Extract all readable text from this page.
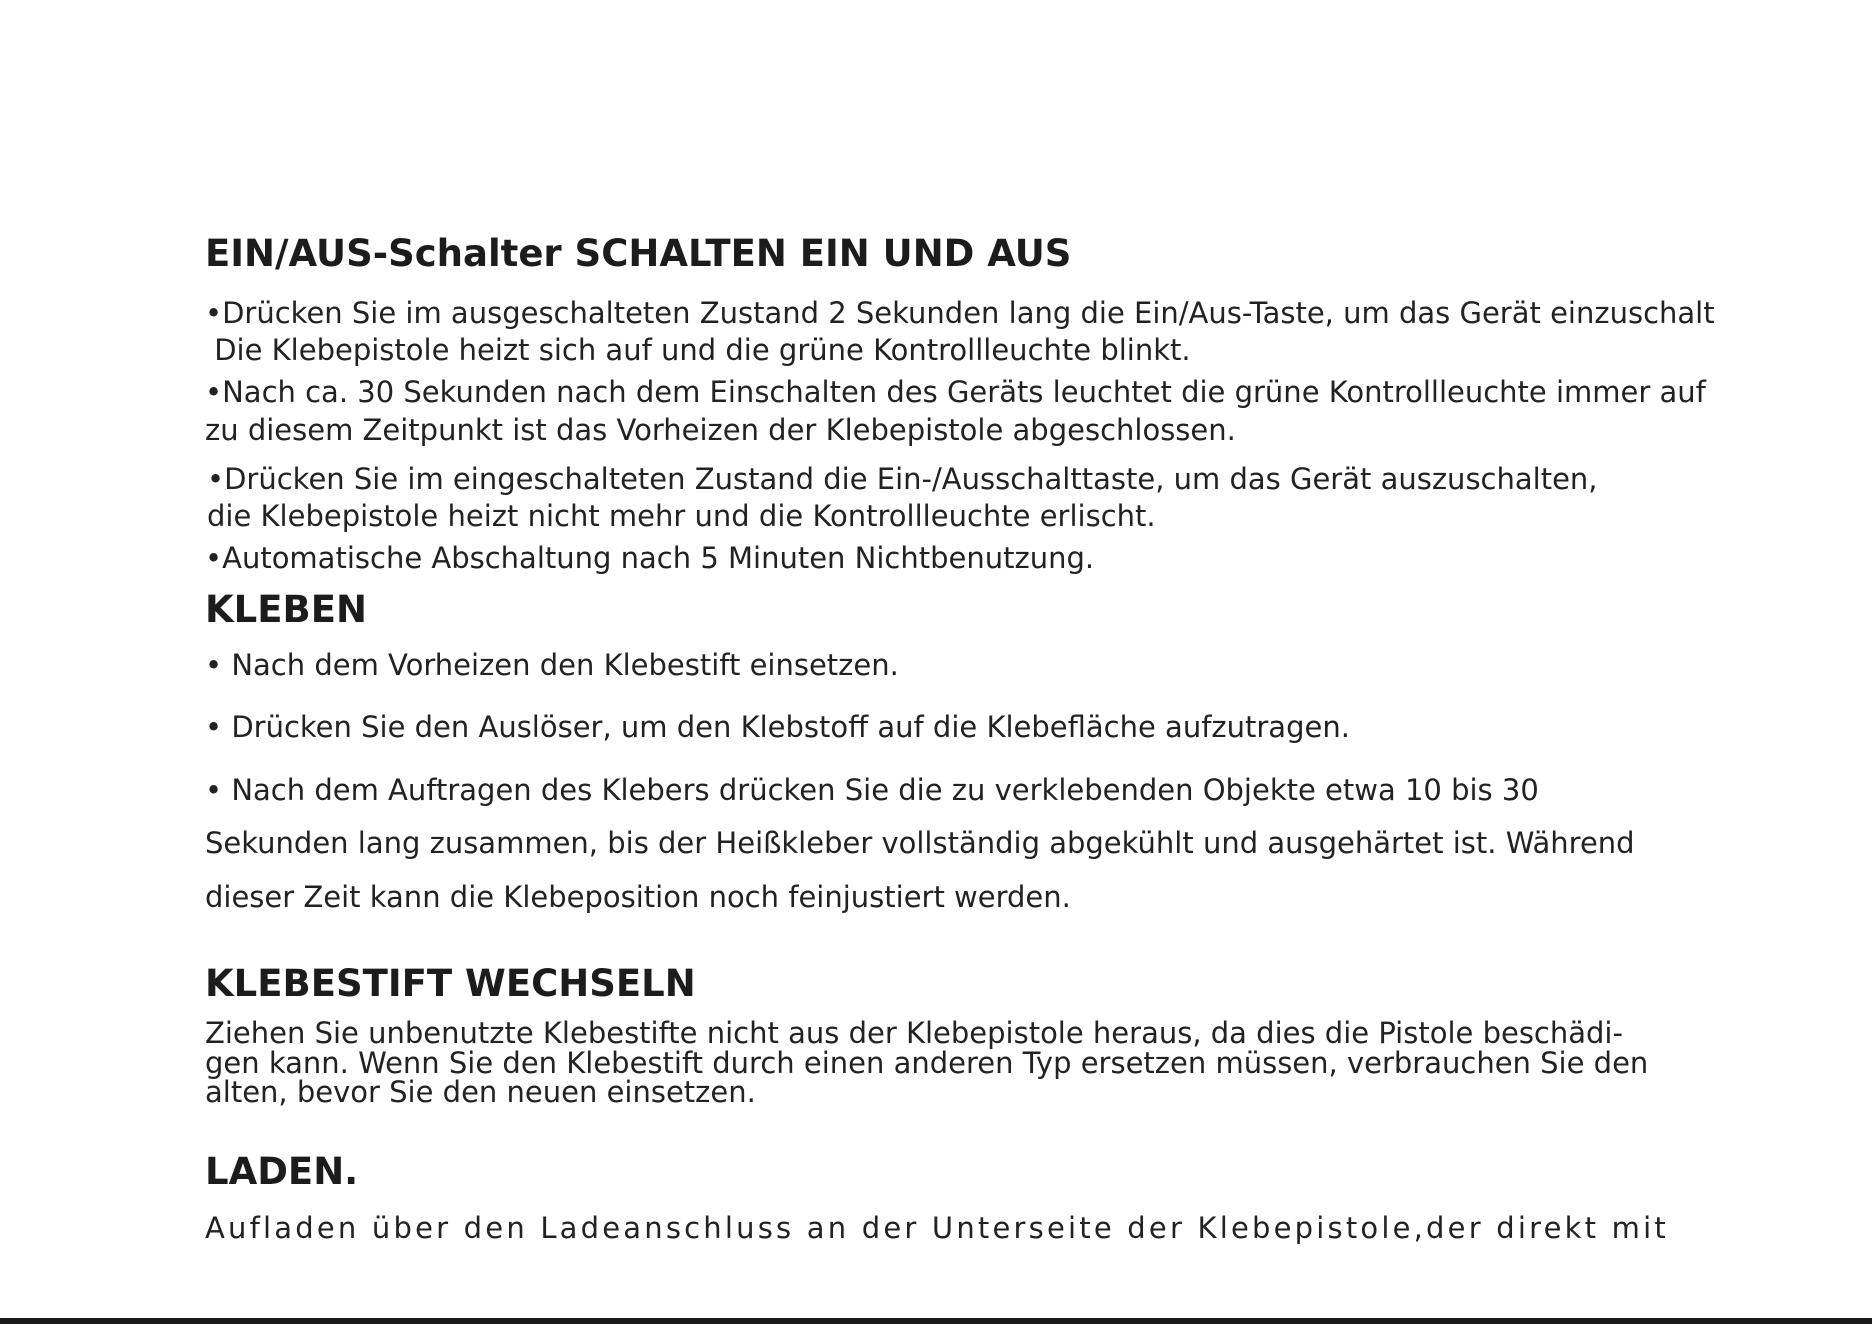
EIN/AUS-Schalter SCHALTEN EIN UND AUS

•Drücken Sie im ausgeschalteten Zustand 2 Sekunden lang die Ein/Aus-Taste, um das Gerät einzuschalt

Die Klebepistole heizt sich auf und die grüne Kontrollleuchte blinkt.

•Nach ca. 30 Sekunden nach dem Einschalten des Geräts leuchtet die grüne Kontrollleuchte immer auf

zu diesem Zeitpunkt ist das Vorheizen der Klebepistole abgeschlossen.

•Drücken Sie im eingeschalteten Zustand die Ein-/Ausschalttaste, um das Gerät auszuschalten,

die Klebepistole heizt nicht mehr und die Kontrollleuchte erlischt.

•Automatische Abschaltung nach 5 Minuten Nichtbenutzung.

KLEBEN

• Nach dem Vorheizen den Klebestift einsetzen.

• Drücken Sie den Auslöser, um den Klebstoff auf die Klebefläche aufzutragen.

• Nach dem Auftragen des Klebers drücken Sie die zu verklebenden Objekte etwa 10 bis 30

Sekunden lang zusammen, bis der Heißkleber vollständig abgekühlt und ausgehärtet ist. Während

dieser Zeit kann die Klebeposition noch feinjustiert werden.

KLEBESTIFT WECHSELN

Ziehen Sie unbenutzte Klebestifte nicht aus der Klebepistole heraus, da dies die Pistole beschädi-

gen kann. Wenn Sie den Klebestift durch einen anderen Typ ersetzen müssen, verbrauchen Sie den

alten, bevor Sie den neuen einsetzen.

LADEN.

Aufladen über den Ladeanschluss an der Unterseite der Klebepistole,der direkt mit
